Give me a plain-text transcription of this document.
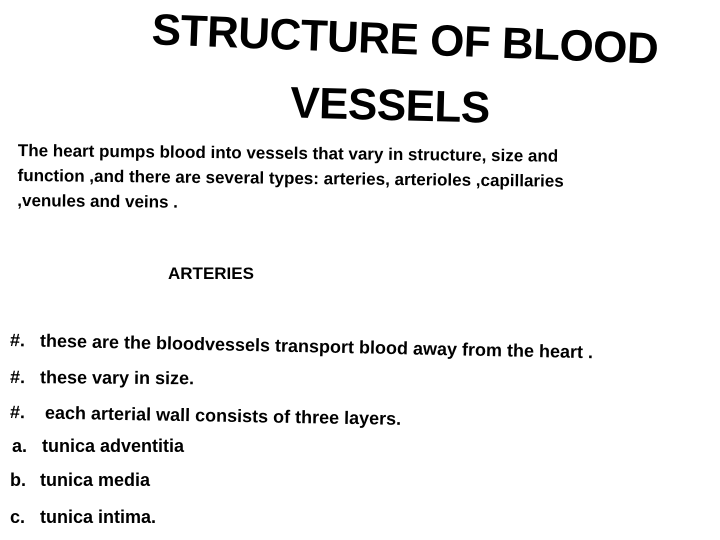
STRUCTURE OF BLOOD
VESSELS
The heart pumps blood into vessels that vary in structure, size and
function ,and there are several types: arteries, arterioles ,capillaries
,venules and veins .
ARTERIES
#. these are the bloodvessels transport blood away from the heart .
#. these vary in size.
#. each arterial wall consists of three layers.
a. tunica adventitia
b. tunica media
c. tunica intima.
